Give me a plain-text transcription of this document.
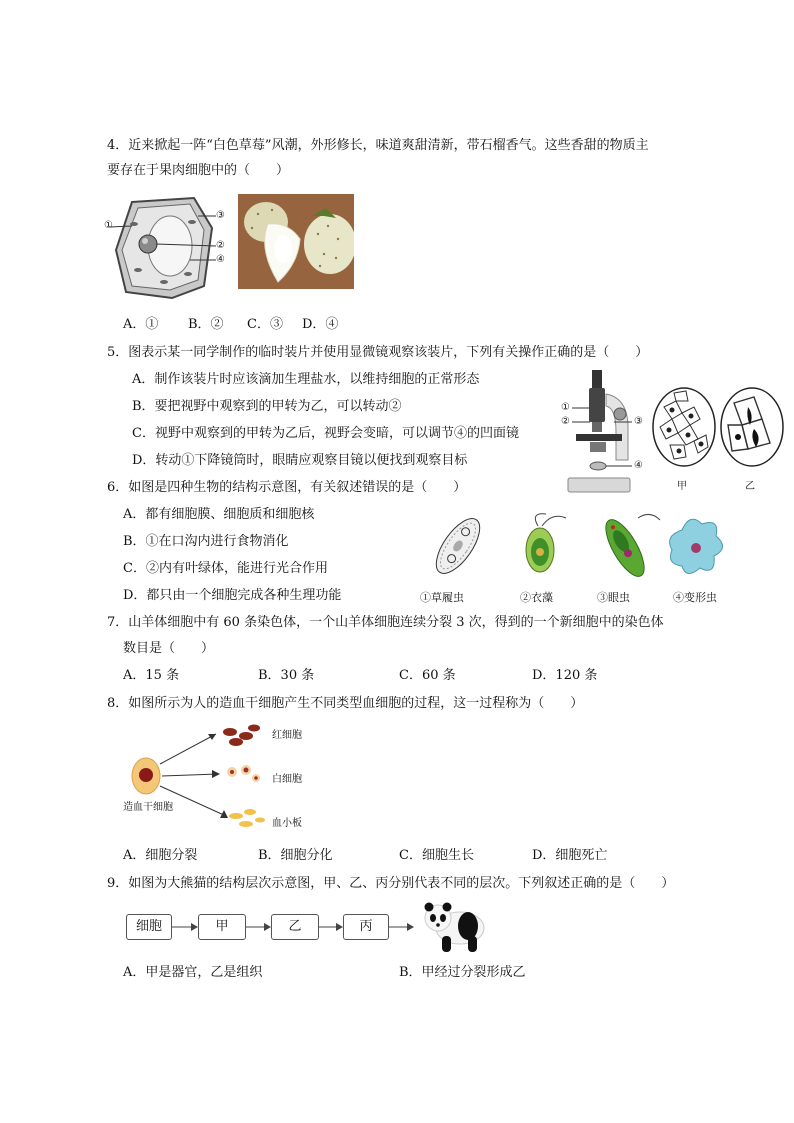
4．近来掀起一阵“白色草莓”风潮，外形修长，味道爽甜清新，带石榴香气。这些香甜的物质主
要存在于果肉细胞中的（　　）
①
③
②
④
A．① B．② C．③ D．④
5．图表示某一同学制作的临时装片并使用显微镜观察该装片，下列有关操作正确的是（　　）
A．制作该装片时应该滴加生理盐水，以维持细胞的正常形态
B．要把视野中观察到的甲转为乙，可以转动②
C．视野中观察到的甲转为乙后，视野会变暗，可以调节④的凹面镜
D．转动①下降镜筒时，眼睛应观察目镜以便找到观察目标
①
②	③
④
甲	乙
6．如图是四种生物的结构示意图，有关叙述错误的是（　　）
A．都有细胞膜、细胞质和细胞核
B．①在口沟内进行食物消化
C．②内有叶绿体，能进行光合作用
D．都只由一个细胞完成各种生理功能	①草履虫	②衣藻	③眼虫	④变形虫
7．山羊体细胞中有 60 条染色体，一个山羊体细胞连续分裂 3 次，得到的一个新细胞中的染色体
数目是（　　）
A．15 条	B．30 条	C．60 条	D．120 条
8．如图所示为人的造血干细胞产生不同类型血细胞的过程，这一过程称为（　　）
红细胞
白细胞
血小板
造血干细胞
A．细胞分裂	B．细胞分化	C．细胞生长	D．细胞死亡
9．如图为大熊猫的结构层次示意图，甲、乙、丙分别代表不同的层次。下列叙述正确的是（　　）
细胞	甲	乙	丙
A．甲是器官，乙是组织	B．甲经过分裂形成乙
